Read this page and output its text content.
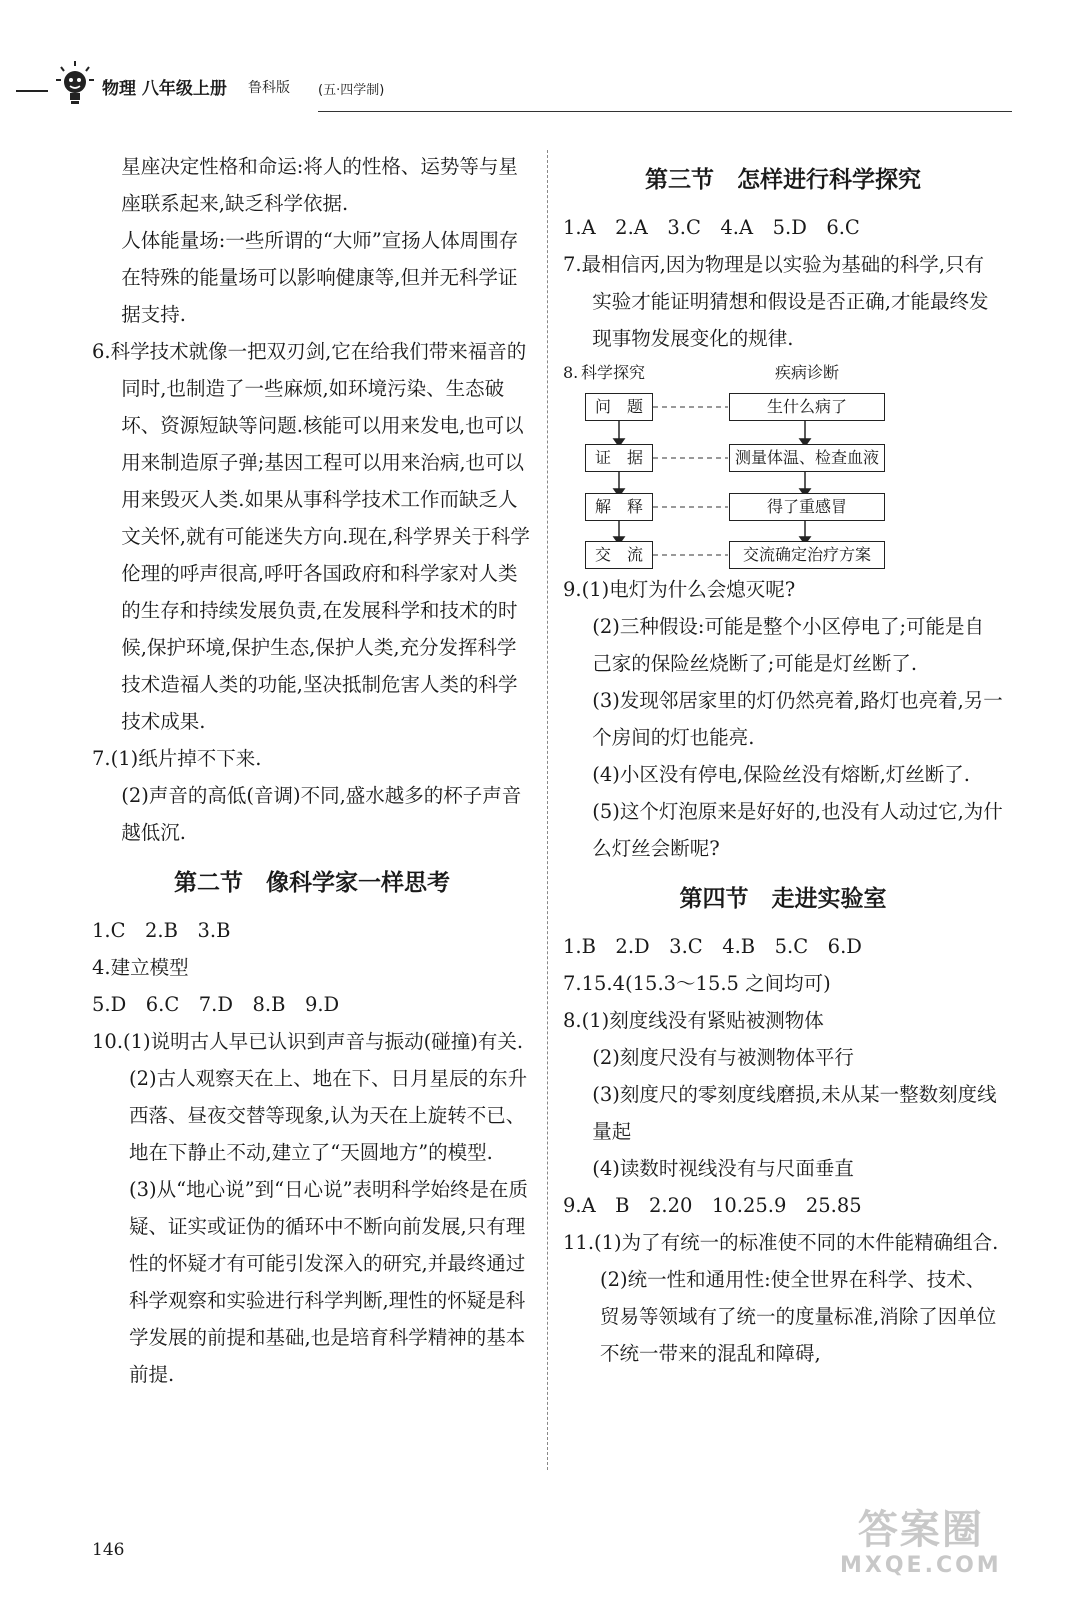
物理 八年级上册 鲁科版 (五·四学制)

星座决定性格和命运:将人的性格、运势等与星座联系起来,缺乏科学依据.

人体能量场:一些所谓的“大师”宣扬人体周围存在特殊的能量场可以影响健康等,但并无科学证据支持.

6.科学技术就像一把双刃剑,它在给我们带来福音的同时,也制造了一些麻烦,如环境污染、生态破坏、资源短缺等问题.核能可以用来发电,也可以用来制造原子弹;基因工程可以用来治病,也可以用来毁灭人类.如果从事科学技术工作而缺乏人文关怀,就有可能迷失方向.现在,科学界关于科学伦理的呼声很高,呼吁各国政府和科学家对人类的生存和持续发展负责,在发展科学和技术的时候,保护环境,保护生态,保护人类,充分发挥科学技术造福人类的功能,坚决抵制危害人类的科学技术成果.

7.(1)纸片掉不下来.

(2)声音的高低(音调)不同,盛水越多的杯子声音越低沉.

第二节　像科学家一样思考

1.C　2.B　3.B

4.建立模型

5.D　6.C　7.D　8.B　9.D

10.(1)说明古人早已认识到声音与振动(碰撞)有关.

(2)古人观察天在上、地在下、日月星辰的东升西落、昼夜交替等现象,认为天在上旋转不已、地在下静止不动,建立了“天圆地方”的模型.

(3)从“地心说”到“日心说”表明科学始终是在质疑、证实或证伪的循环中不断向前发展,只有理性的怀疑才有可能引发深入的研究,并最终通过科学观察和实验进行科学判断,理性的怀疑是科学发展的前提和基础,也是培育科学精神的基本前提.

第三节　怎样进行科学探究

1.A　2.A　3.C　4.A　5.D　6.C

7.最相信丙,因为物理是以实验为基础的科学,只有实验才能证明猜想和假设是否正确,才能最终发现事物发展变化的规律.

8. 科学探究	疾病诊断
问　题
证　据
解　释
交　流
生什么病了
测量体温、检查血液
得了重感冒
交流确定治疗方案

9.(1)电灯为什么会熄灭呢?

(2)三种假设:可能是整个小区停电了;可能是自己家的保险丝烧断了;可能是灯丝断了.

(3)发现邻居家里的灯仍然亮着,路灯也亮着,另一个房间的灯也能亮.

(4)小区没有停电,保险丝没有熔断,灯丝断了.

(5)这个灯泡原来是好好的,也没有人动过它,为什么灯丝会断呢?

第四节　走进实验室

1.B　2.D　3.C　4.B　5.C　6.D

7.15.4(15.3～15.5 之间均可)

8.(1)刻度线没有紧贴被测物体

(2)刻度尺没有与被测物体平行

(3)刻度尺的零刻度线磨损,未从某一整数刻度线量起

(4)读数时视线没有与尺面垂直

9.A　B　2.20　10.25.9　25.85

11.(1)为了有统一的标准使不同的木件能精确组合.

(2)统一性和通用性:使全世界在科学、技术、贸易等领域有了统一的度量标准,消除了因单位不统一带来的混乱和障碍,

146	答案圈
MXQE.COM
